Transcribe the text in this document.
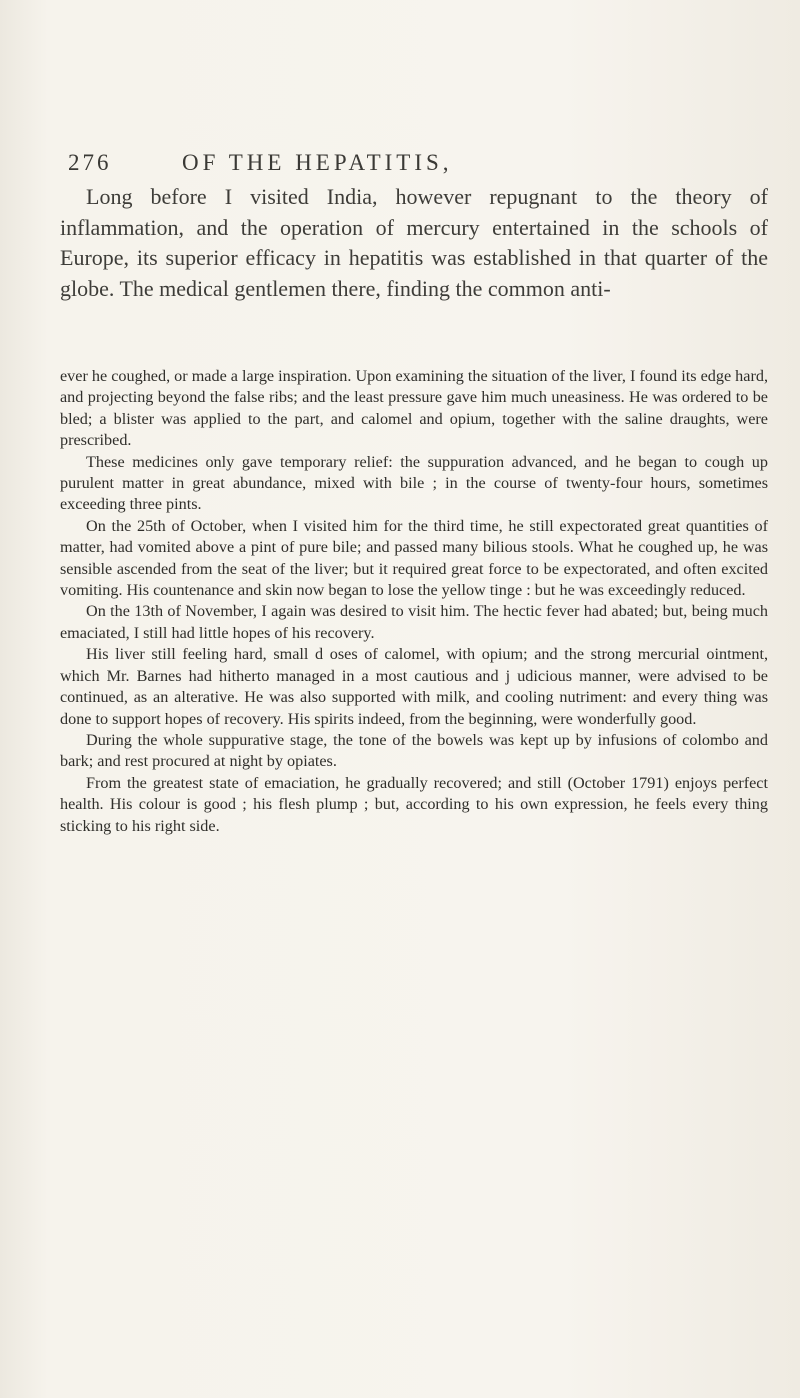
276	OF THE HEPATITIS,

Long before I visited India, however repugnant to the theory of inflammation, and the operation of mercury entertained in the schools of Europe, its superior efficacy in hepatitis was established in that quarter of the globe. The medical gentlemen there, finding the common anti-

ever he coughed, or made a large inspiration. Upon examining the situation of the liver, I found its edge hard, and projecting beyond the false ribs; and the least pressure gave him much uneasiness. He was ordered to be bled; a blister was applied to the part, and calomel and opium, together with the saline draughts, were prescribed.

These medicines only gave temporary relief: the suppuration advanced, and he began to cough up purulent matter in great abundance, mixed with bile ; in the course of twenty-four hours, sometimes exceeding three pints.

On the 25th of October, when I visited him for the third time, he still expectorated great quantities of matter, had vomited above a pint of pure bile; and passed many bilious stools. What he coughed up, he was sensible ascended from the seat of the liver; but it required great force to be expectorated, and often excited vomiting. His countenance and skin now began to lose the yellow tinge : but he was exceedingly reduced.

On the 13th of November, I again was desired to visit him. The hectic fever had abated; but, being much emaciated, I still had little hopes of his recovery.

His liver still feeling hard, small d oses of calomel, with opium; and the strong mercurial ointment, which Mr. Barnes had hitherto managed in a most cautious and j udicious manner, were advised to be continued, as an alterative. He was also supported with milk, and cooling nutriment: and every thing was done to support hopes of recovery. His spirits indeed, from the beginning, were wonderfully good.

During the whole suppurative stage, the tone of the bowels was kept up by infusions of colombo and bark; and rest procured at night by opiates.

From the greatest state of emaciation, he gradually recovered; and still (October 1791) enjoys perfect health. His colour is good ; his flesh plump ; but, according to his own expression, he feels every thing sticking to his right side.
